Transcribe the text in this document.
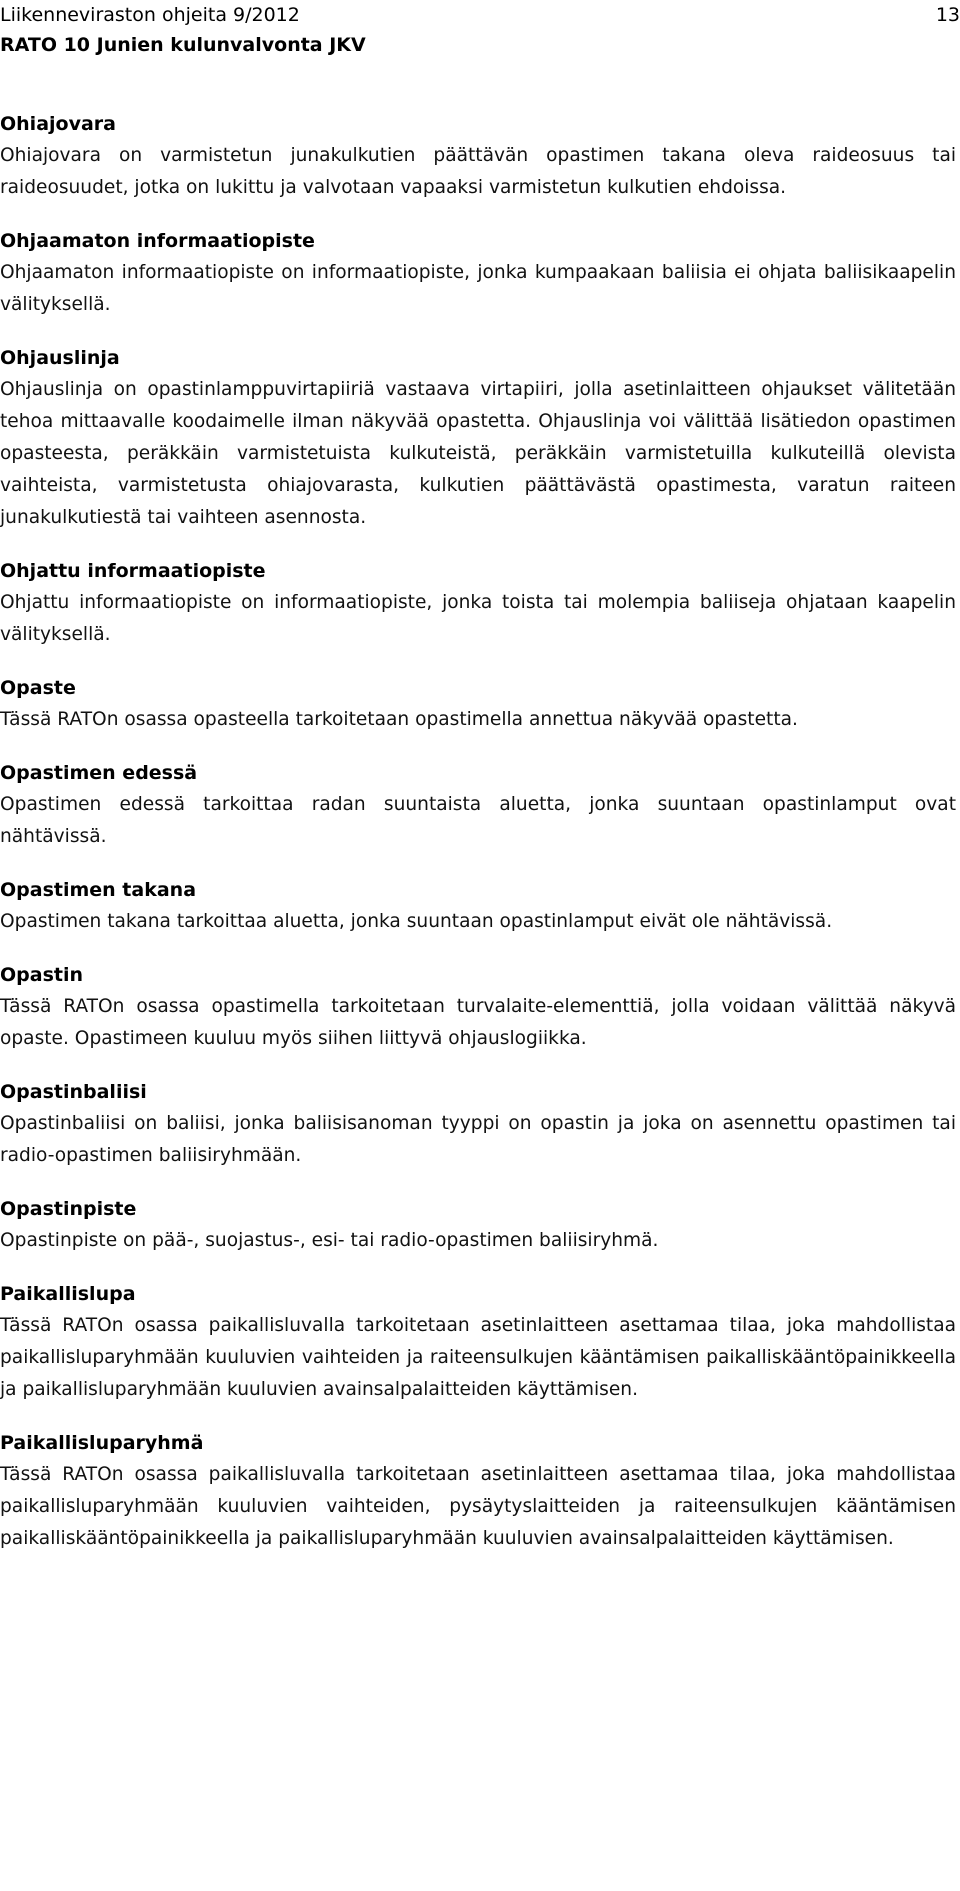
Liikenneviraston ohjeita 9/2012
RATO 10 Junien kulunvalvonta JKV
13
Ohiajovara
Ohiajovara on varmistetun junakulkutien päättävän opastimen takana oleva raideosuus tai raideosuudet, jotka on lukittu ja valvotaan vapaaksi varmistetun kulkutien ehdoissa.
Ohjaamaton informaatiopiste
Ohjaamaton informaatiopiste on informaatiopiste, jonka kumpaakaan baliisia ei ohjata baliisikaapelin välityksellä.
Ohjauslinja
Ohjauslinja on opastinlamppuvirtapiiriä vastaava virtapiiri, jolla asetinlaitteen ohjaukset välitetään tehoa mittaavalle koodaimelle ilman näkyvää opastetta. Ohjauslinja voi välittää lisätiedon opastimen opasteesta, peräkkäin varmistetuista kulkuteistä, peräkkäin varmistetuilla kulkuteillä olevista vaihteista, varmistetusta ohiajovarasta, kulkutien päättävästä opastimesta, varatun raiteen junakulkutiestä tai vaihteen asennosta.
Ohjattu informaatiopiste
Ohjattu informaatiopiste on informaatiopiste, jonka toista tai molempia baliiseja ohjataan kaapelin välityksellä.
Opaste
Tässä RATOn osassa opasteella tarkoitetaan opastimella annettua näkyvää opastetta.
Opastimen edessä
Opastimen edessä tarkoittaa radan suuntaista aluetta, jonka suuntaan opastinlamput ovat nähtävissä.
Opastimen takana
Opastimen takana tarkoittaa aluetta, jonka suuntaan opastinlamput eivät ole nähtävissä.
Opastin
Tässä RATOn osassa opastimella tarkoitetaan turvalaite-elementtiä, jolla voidaan välittää näkyvä opaste. Opastimeen kuuluu myös siihen liittyvä ohjauslogiikka.
Opastinbaliisi
Opastinbaliisi on baliisi, jonka baliisisanoman tyyppi on opastin ja joka on asennettu opastimen tai radio-opastimen baliisiryhmään.
Opastinpiste
Opastinpiste on pää-, suojastus-, esi- tai radio-opastimen baliisiryhmä.
Paikallislupa
Tässä RATOn osassa paikallisluvalla tarkoitetaan asetinlaitteen asettamaa tilaa, joka mahdollistaa paikallisluparyhmään kuuluvien vaihteiden ja raiteensulkujen kääntämisen paikalliskääntöpainikkeella ja paikallisluparyhmään kuuluvien avainsalpalaitteiden käyttämisen.
Paikallisluparyhmä
Tässä RATOn osassa paikallisluvalla tarkoitetaan asetinlaitteen asettamaa tilaa, joka mahdollistaa paikallisluparyhmään kuuluvien vaihteiden, pysäytyslaitteiden ja raiteensulkujen kääntämisen paikalliskääntöpainikkeella ja paikallisluparyhmään kuuluvien avainsalpalaitteiden käyttämisen.
